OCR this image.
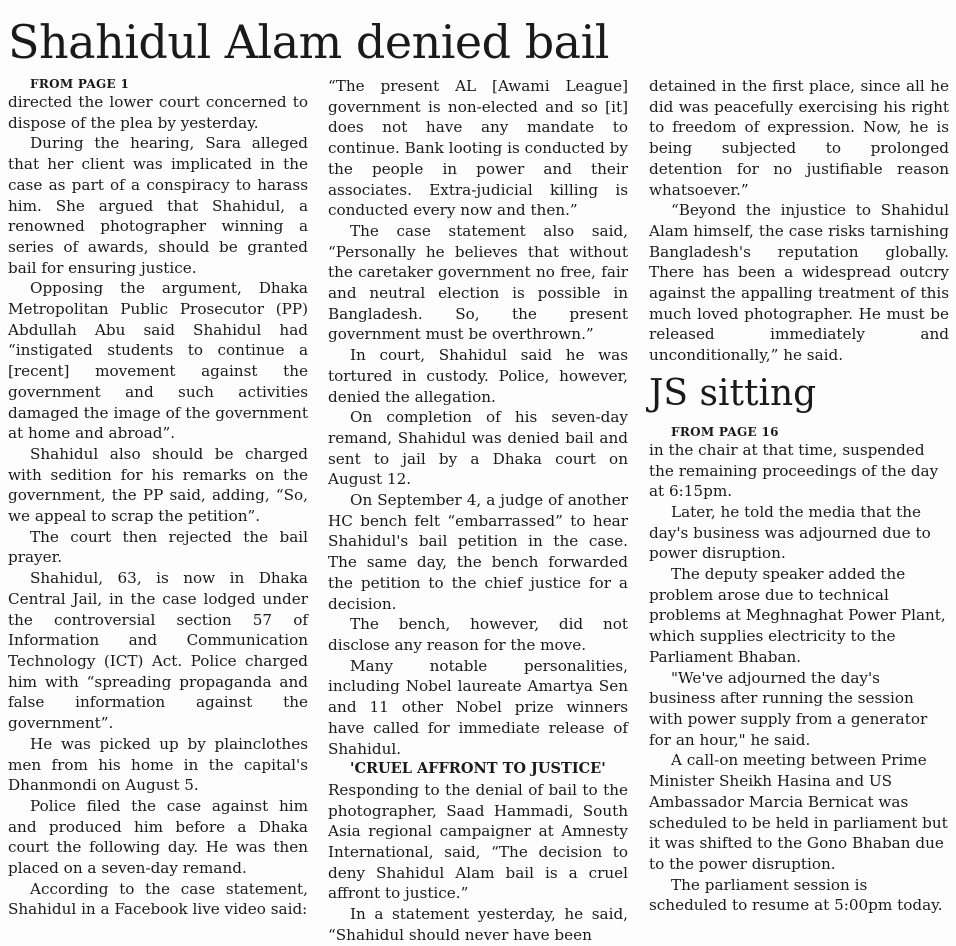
Shahidul Alam denied bail

FROM PAGE 1

directed the lower court concerned to dispose of the plea by yesterday.

During the hearing, Sara alleged that her client was implicated in the case as part of a conspiracy to harass him. She argued that Shahidul, a renowned photographer winning a series of awards, should be granted bail for ensuring justice.

Opposing the argument, Dhaka Metropolitan Public Prosecutor (PP) Abdullah Abu said Shahidul had “instigated students to continue a [recent] movement against the government and such activities damaged the image of the government at home and abroad”.

Shahidul also should be charged with sedition for his remarks on the government, the PP said, adding, “So, we appeal to scrap the petition”.

The court then rejected the bail prayer.

Shahidul, 63, is now in Dhaka Central Jail, in the case lodged under the controversial section 57 of Information and Communication Technology (ICT) Act. Police charged him with “spreading propaganda and false information against the government”.

He was picked up by plainclothes men from his home in the capital's Dhanmondi on August 5.

Police filed the case against him and produced him before a Dhaka court the following day. He was then placed on a seven-day remand.

According to the case statement, Shahidul in a Facebook live video said:

“The present AL [Awami League] government is non-elected and so [it] does not have any mandate to continue. Bank looting is conducted by the people in power and their associates. Extra-judicial killing is conducted every now and then.”

The case statement also said, “Personally he believes that without the caretaker government no free, fair and neutral election is possible in Bangladesh. So, the present government must be overthrown.”

In court, Shahidul said he was tortured in custody. Police, however, denied the allegation.

On completion of his seven-day remand, Shahidul was denied bail and sent to jail by a Dhaka court on August 12.

On September 4, a judge of another HC bench felt “embarrassed” to hear Shahidul's bail petition in the case. The same day, the bench forwarded the petition to the chief justice for a decision.

The bench, however, did not disclose any reason for the move.

Many notable personalities, including Nobel laureate Amartya Sen and 11 other Nobel prize winners have called for immediate release of Shahidul.

'CRUEL AFFRONT TO JUSTICE'

Responding to the denial of bail to the photographer, Saad Hammadi, South Asia regional campaigner at Amnesty International, said, “The decision to deny Shahidul Alam bail is a cruel affront to justice.”

In a statement yesterday, he said, “Shahidul should never have been

detained in the first place, since all he did was peacefully exercising his right to freedom of expression. Now, he is being subjected to prolonged detention for no justifiable reason whatsoever.”

“Beyond the injustice to Shahidul Alam himself, the case risks tarnishing Bangladesh's reputation globally. There has been a widespread outcry against the appalling treatment of this much loved photographer. He must be released immediately and unconditionally,” he said.

JS sitting

FROM PAGE 16

in the chair at that time, suspended the remaining proceedings of the day at 6:15pm.

Later, he told the media that the day's business was adjourned due to power disruption.

The deputy speaker added the problem arose due to technical problems at Meghnaghat Power Plant, which supplies electricity to the Parliament Bhaban.

"We've adjourned the day's business after running the session with power supply from a generator for an hour," he said.

A call-on meeting between Prime Minister Sheikh Hasina and US Ambassador Marcia Bernicat was scheduled to be held in parliament but it was shifted to the Gono Bhaban due to the power disruption.

The parliament session is scheduled to resume at 5:00pm today.
